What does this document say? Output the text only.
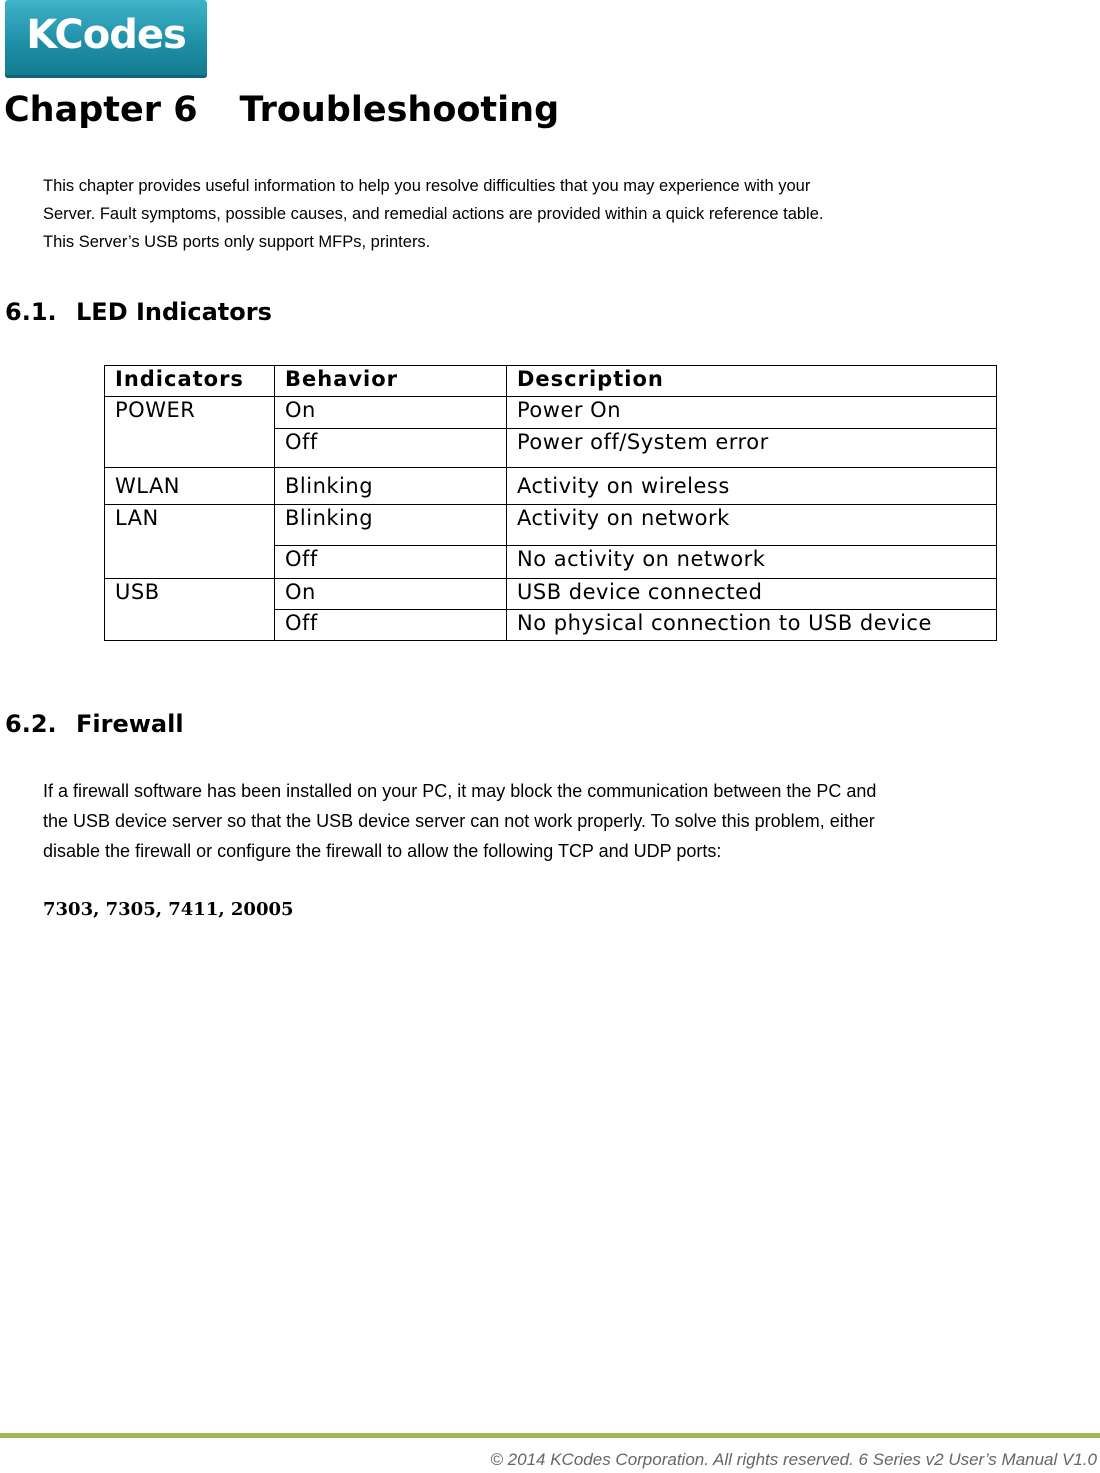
KCodes
Chapter 6 Troubleshooting

This chapter provides useful information to help you resolve difficulties that you may experience with your

Server. Fault symptoms, possible causes, and remedial actions are provided within a quick reference table.

This Server’s USB ports only support MFPs, printers.

6.1. LED Indicators
Indicators	Behavior	Description
POWER	On	Power On
	Off	Power off/System error
WLAN	Blinking	Activity on wireless
LAN	Blinking	Activity on network
	Off	No activity on network
USB	On	USB device connected
	Off	No physical connection to USB device
6.2. Firewall

If a firewall software has been installed on your PC, it may block the communication between the PC and

the USB device server so that the USB device server can not work properly. To solve this problem, either

disable the firewall or configure the firewall to allow the following TCP and UDP ports:

7303, 7305, 7411, 20005

© 2014 KCodes Corporation. All rights reserved. 6 Series v2 User’s Manual V1.0
